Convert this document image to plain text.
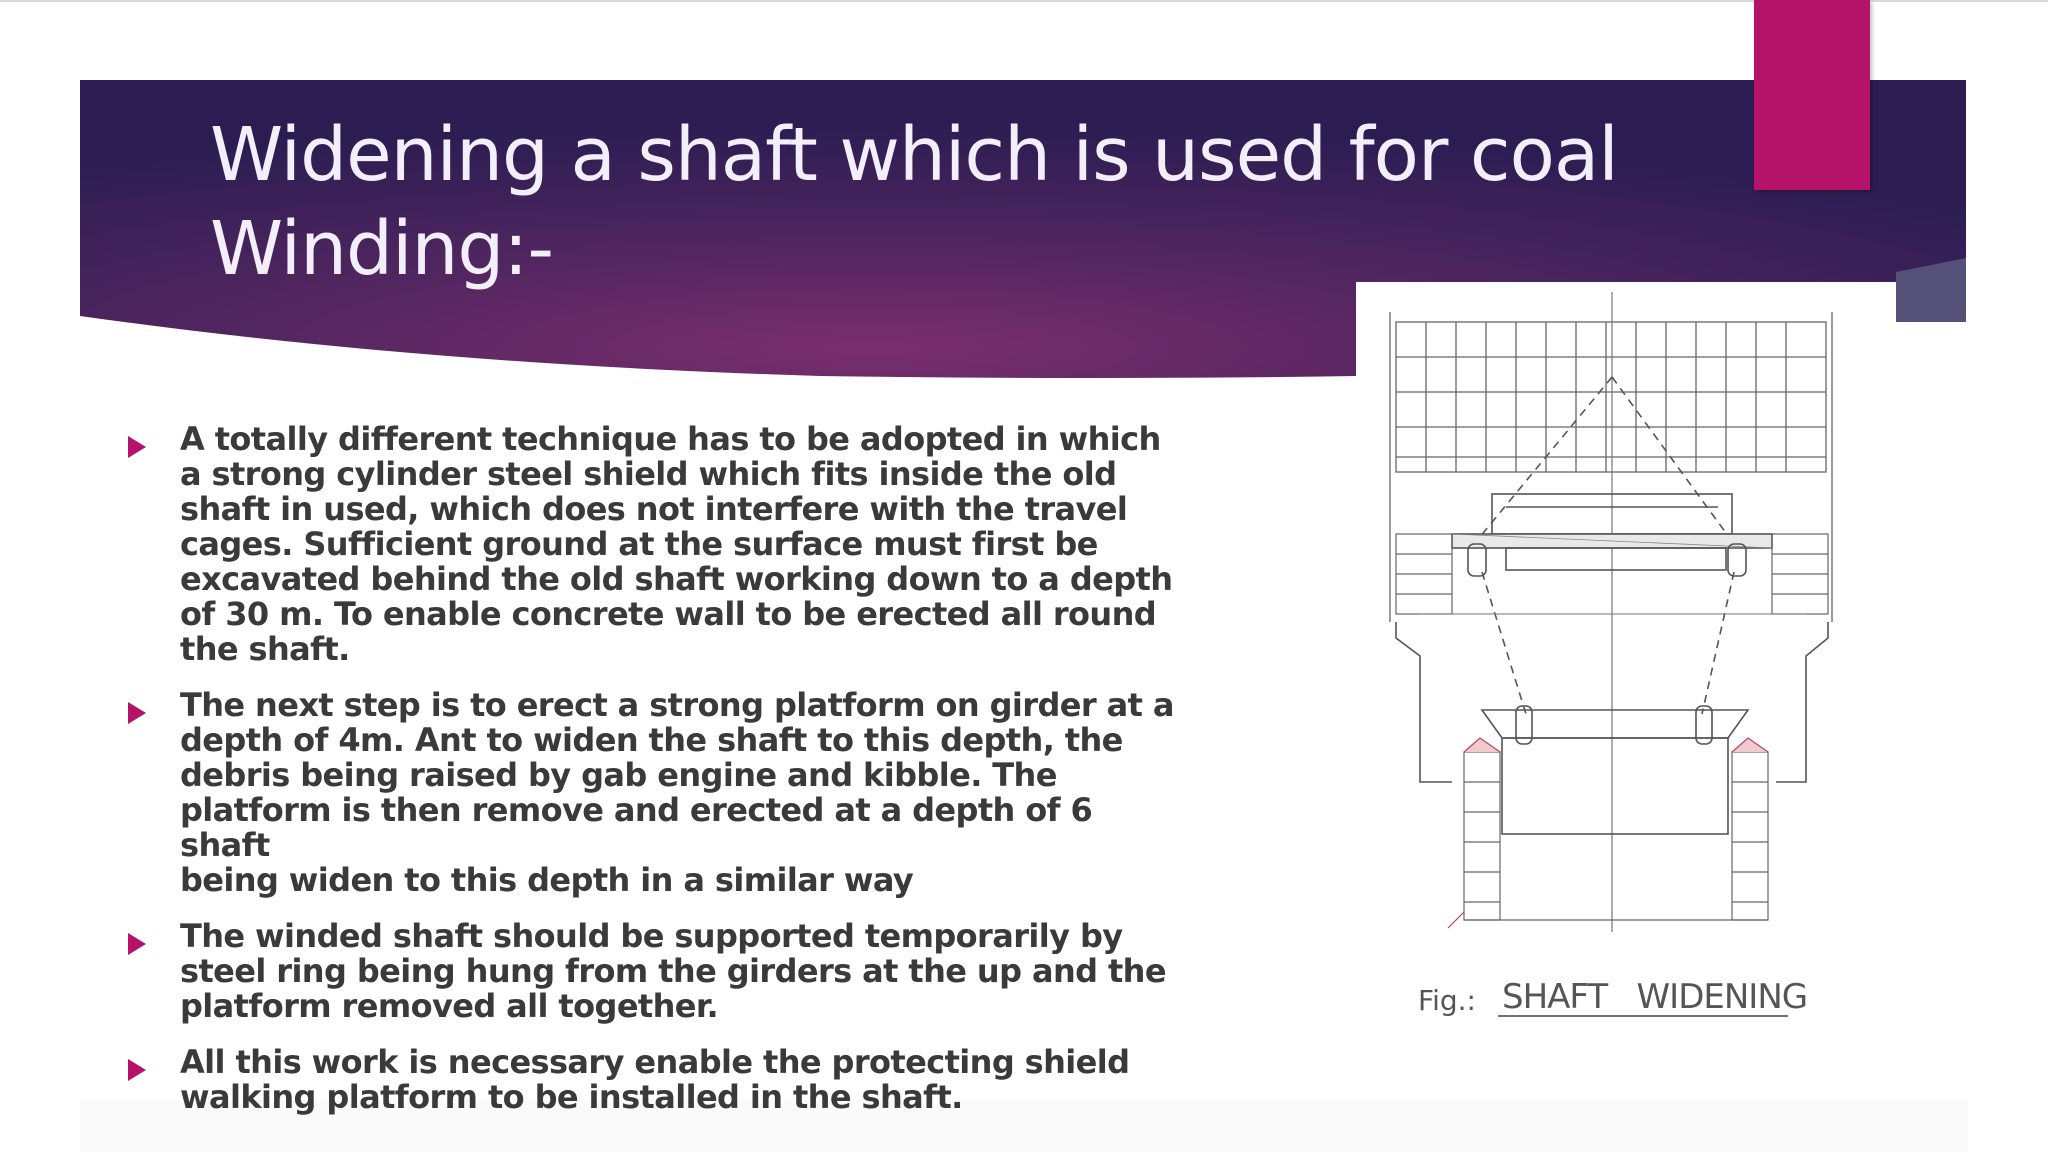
Widening a shaft which is used for coal
Winding:-
A totally different technique has to be adopted in which
a strong cylinder steel shield which fits inside the old
shaft in used, which does not interfere with the travel
cages. Sufficient ground at the surface must first be
excavated behind the old shaft working down to a depth
of 30 m. To enable concrete wall to be erected all round
the shaft.
The next step is to erect a strong platform on girder at a
depth of 4m. Ant to widen the shaft to this depth, the
debris being raised by gab engine and kibble. The
platform is then remove and erected at a depth of 6 shaft
being widen to this depth in a similar way
The winded shaft should be supported temporarily by
steel ring being hung from the girders at the up and the
platform removed all together.
All this work is necessary enable the protecting shield
walking platform to be installed in the shaft.
Fig.: SHAFT   WIDENING
